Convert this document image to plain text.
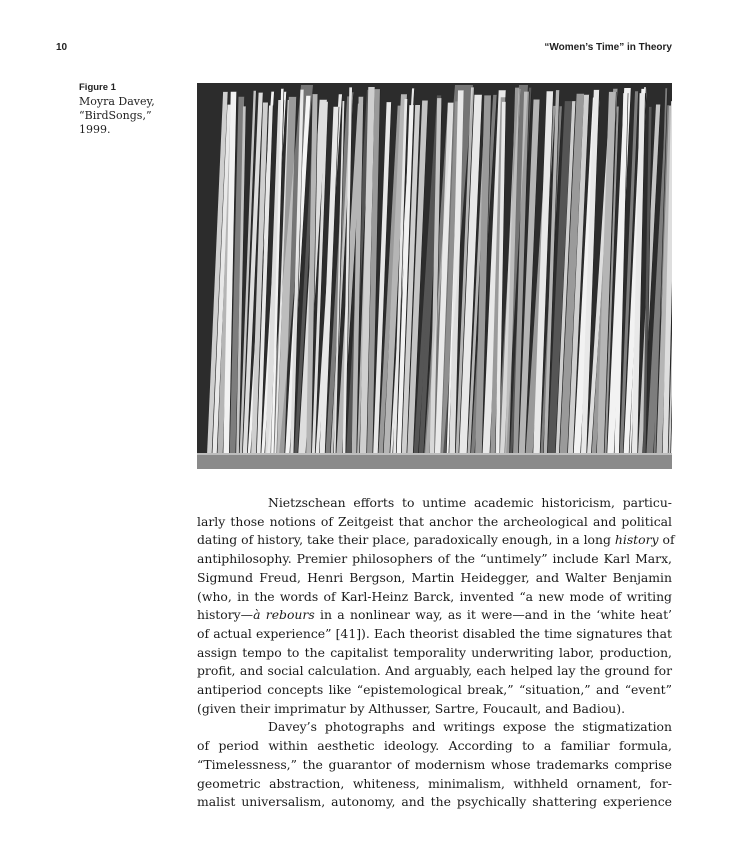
10	“Women’s Time” in Theory
Figure 1
Moyra Davey,
“BirdSongs,”
1999.
Nietzschean efforts to untime academic historicism, particu-
larly those notions of Zeitgeist that anchor the archeological and political
dating of history, take their place, paradoxically enough, in a long history of
antiphilosophy. Premier philosophers of the “untimely” include Karl Marx,
Sigmund Freud, Henri Bergson, Martin Heidegger, and Walter Benjamin
(who, in the words of Karl-Heinz Barck, invented “a new mode of writing
history—à rebours in a nonlinear way, as it were—and in the ‘white heat’
of actual experience” [41]). Each theorist disabled the time signatures that
assign tempo to the capitalist temporality underwriting labor, production,
profit, and social calculation. And arguably, each helped lay the ground for
antiperiod concepts like “epistemological break,” “situation,” and “event”
(given their imprimatur by Althusser, Sartre, Foucault, and Badiou).
Davey’s photographs and writings expose the stigmatization
of period within aesthetic ideology. According to a familiar formula,
“Timelessness,” the guarantor of modernism whose trademarks comprise
geometric abstraction, whiteness, minimalism, withheld ornament, for-
malist universalism, autonomy, and the psychically shattering experience
